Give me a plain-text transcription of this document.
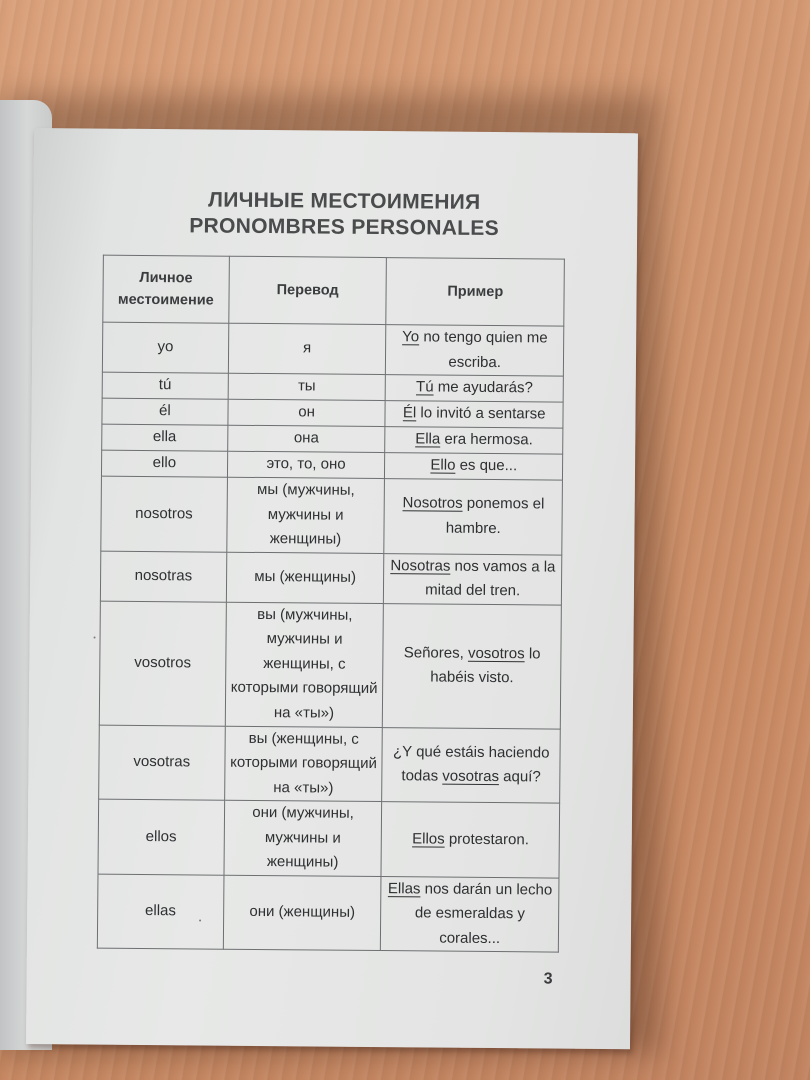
ЛИЧНЫЕ МЕСТОИМЕНИЯ
PRONOMBRES PERSONALES
Личное местоимение	Перевод	Пример
yo	я	Yo no tengo quien me escriba.
tú	ты	Tú me ayudarás?
él	он	Él lo invitó a sentarse
ella	она	Ella era hermosa.
ello	это, то, оно	Ello es que...
nosotros	мы (мужчины, мужчины и женщины)	Nosotros ponemos el hambre.
nosotras	мы (женщины)	Nosotras nos vamos a la mitad del tren.
vosotros	вы (мужчины, мужчины и женщины, с которыми говорящий на «ты»)	Señores, vosotros lo habéis visto.
vosotras	вы (женщины, с которыми говорящий на «ты»)	¿Y qué estáis haciendo todas vosotras aquí?
ellos	они (мужчины, мужчины и женщины)	Ellos protestaron.
ellas	они (женщины)	Ellas nos darán un lecho de esmeraldas y corales...
3
